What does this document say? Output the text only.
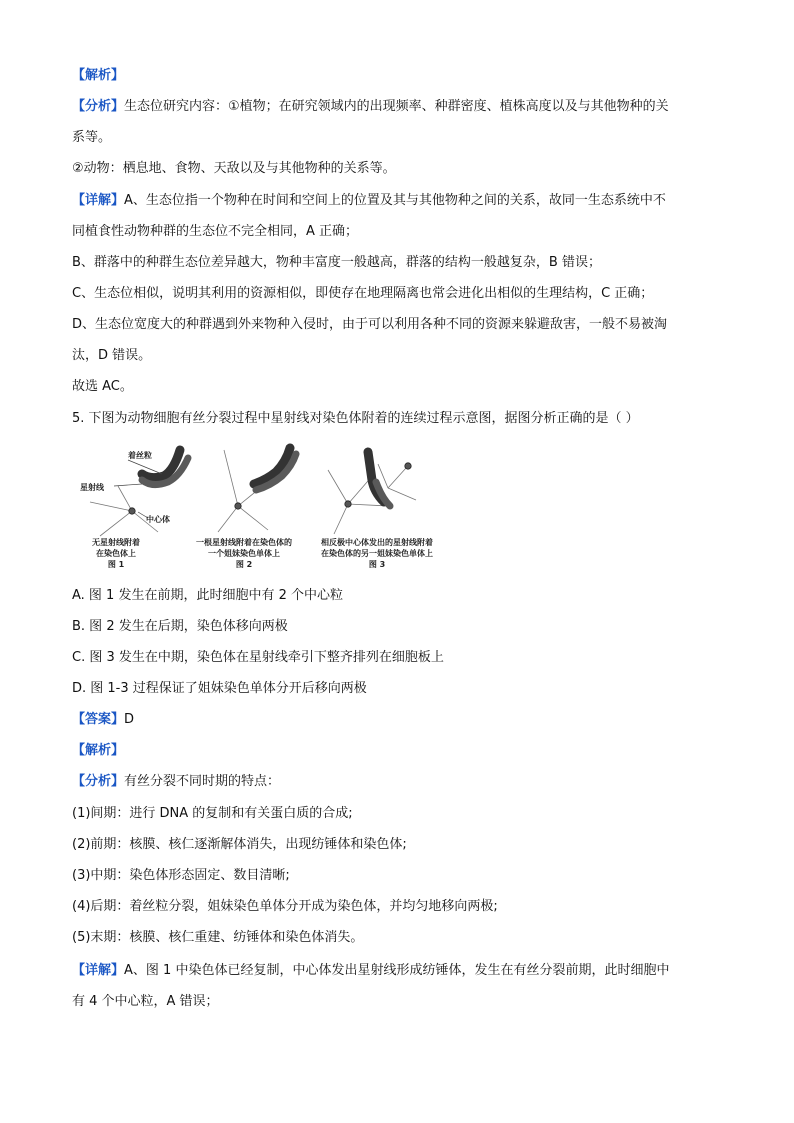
【解析】
【分析】生态位研究内容：①植物；在研究领域内的出现频率、种群密度、植株高度以及与其他物种的关
系等。
②动物：栖息地、食物、天敌以及与其他物种的关系等。
【详解】A、生态位指一个物种在时间和空间上的位置及其与其他物种之间的关系，故同一生态系统中不
同植食性动物种群的生态位不完全相同，A 正确；
B、群落中的种群生态位差异越大，物种丰富度一般越高，群落的结构一般越复杂，B 错误；
C、生态位相似，说明其利用的资源相似，即使存在地理隔离也常会进化出相似的生理结构，C 正确；
D、生态位宽度大的种群遇到外来物种入侵时，由于可以利用各种不同的资源来躲避敌害，一般不易被淘
汰，D 错误。
故选 AC。
5. 下图为动物细胞有丝分裂过程中星射线对染色体附着的连续过程示意图，据图分析正确的是（ ）
着丝粒
星射线
中心体
无星射线附着
在染色体上
图 1
一根星射线附着在染色体的
一个姐妹染色单体上
图 2
相反极中心体发出的星射线附着
在染色体的另一姐妹染色单体上
图 3
A. 图 1 发生在前期，此时细胞中有 2 个中心粒
B. 图 2 发生在后期，染色体移向两极
C. 图 3 发生在中期，染色体在星射线牵引下整齐排列在细胞板上
D. 图 1-3 过程保证了姐妹染色单体分开后移向两极
【答案】D
【解析】
【分析】有丝分裂不同时期的特点：
(1)间期：进行 DNA 的复制和有关蛋白质的合成;
(2)前期：核膜、核仁逐渐解体消失，出现纺锤体和染色体;
(3)中期：染色体形态固定、数目清晰;
(4)后期：着丝粒分裂，姐妹染色单体分开成为染色体，并均匀地移向两极;
(5)末期：核膜、核仁重建、纺锤体和染色体消失。
【详解】A、图 1 中染色体已经复制，中心体发出星射线形成纺锤体，发生在有丝分裂前期，此时细胞中
有 4 个中心粒，A 错误；
